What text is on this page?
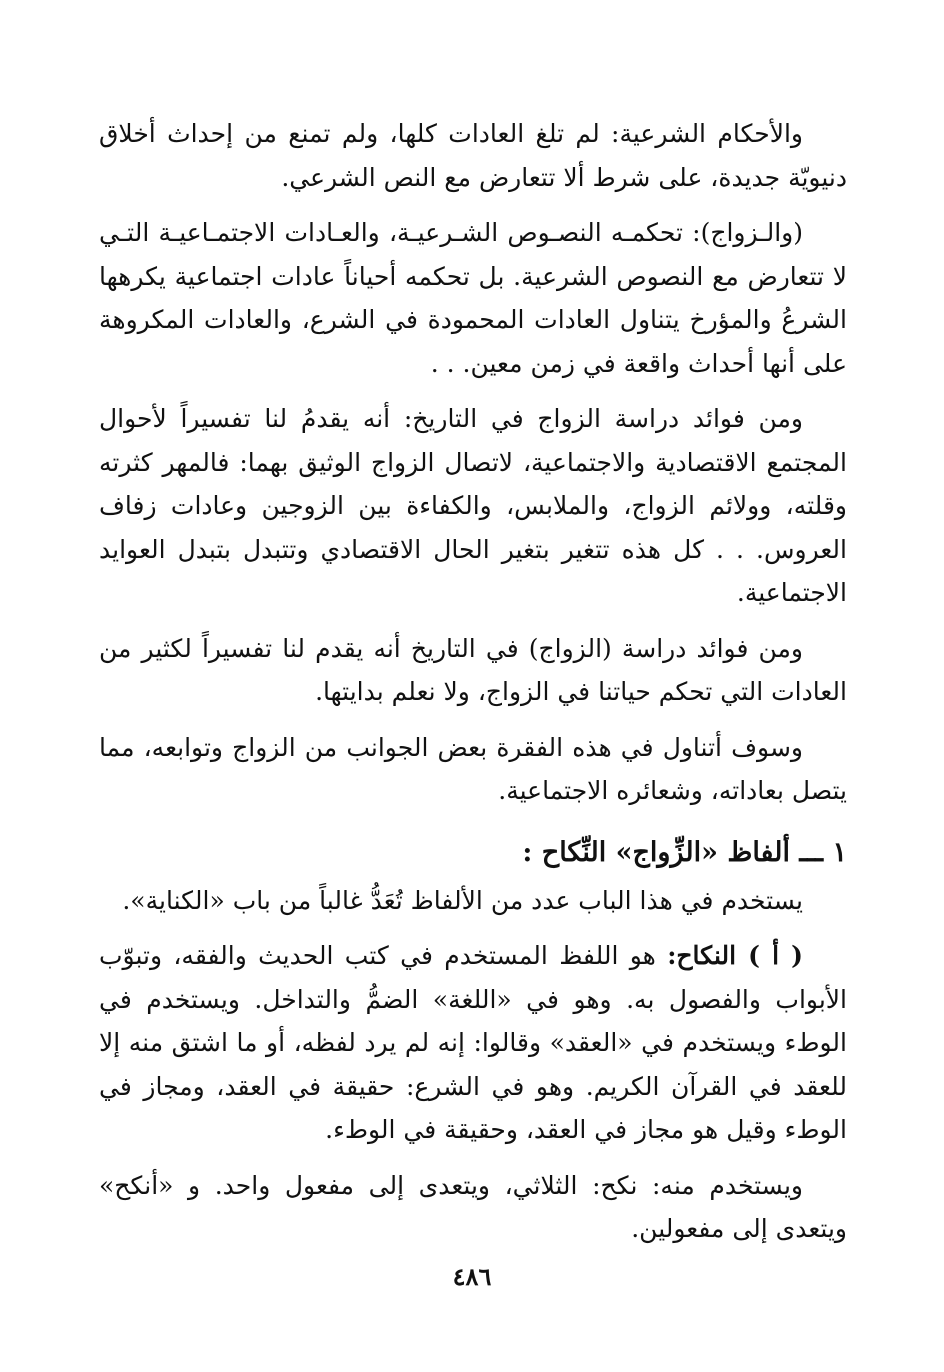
والأحكام الشرعية: لم تلغ العادات كلها، ولم تمنع من إحداث أخلاق دنيويّة جديدة، على شرط ألا تتعارض مع النص الشرعي.

(والـزواج): تحكمـه النصـوص الشـرعيـة، والعـادات الاجتمـاعيـة التـي لا تتعارض مع النصوص الشرعية. بل تحكمه أحياناً عادات اجتماعية يكرهها الشرعُ والمؤرخ يتناول العادات المحمودة في الشرع، والعادات المكروهة على أنها أحداث واقعة في زمن معين. . .

ومن فوائد دراسة الزواج في التاريخ: أنه يقدمُ لنا تفسيراً لأحوال المجتمع الاقتصادية والاجتماعية، لاتصال الزواج الوثيق بهما: فالمهر كثرته وقلته، وولائم الزواج، والملابس، والكفاءة بين الزوجين وعادات زفاف العروس. . . كل هذه تتغير بتغير الحال الاقتصادي وتتبدل بتبدل العوايد الاجتماعية.

ومن فوائد دراسة (الزواج) في التاريخ أنه يقدم لنا تفسيراً لكثير من العادات التي تحكم حياتنا في الزواج، ولا نعلم بدايتها.

وسوف أتناول في هذه الفقرة بعض الجوانب من الزواج وتوابعه، مما يتصل بعاداته، وشعائره الاجتماعية.

١ ـــ ألفاظ «الزِّواج» النِّكاح :

يستخدم في هذا الباب عدد من الألفاظ تُعَدُّ غالباً من باب «الكناية».

( أ ) النكاح: هو اللفظ المستخدم في كتب الحديث والفقه، وتبوّب الأبواب والفصول به. وهو في «اللغة» الضمُّ والتداخل. ويستخدم في الوطء ويستخدم في «العقد» وقالوا: إنه لم يرد لفظه، أو ما اشتق منه إلا للعقد في القرآن الكريم. وهو في الشرع: حقيقة في العقد، ومجاز في الوطء وقيل هو مجاز في العقد، وحقيقة في الوطء.

ويستخدم منه: نكح: الثلاثي، ويتعدى إلى مفعول واحد. و «أنكح» ويتعدى إلى مفعولين.

٤٨٦
